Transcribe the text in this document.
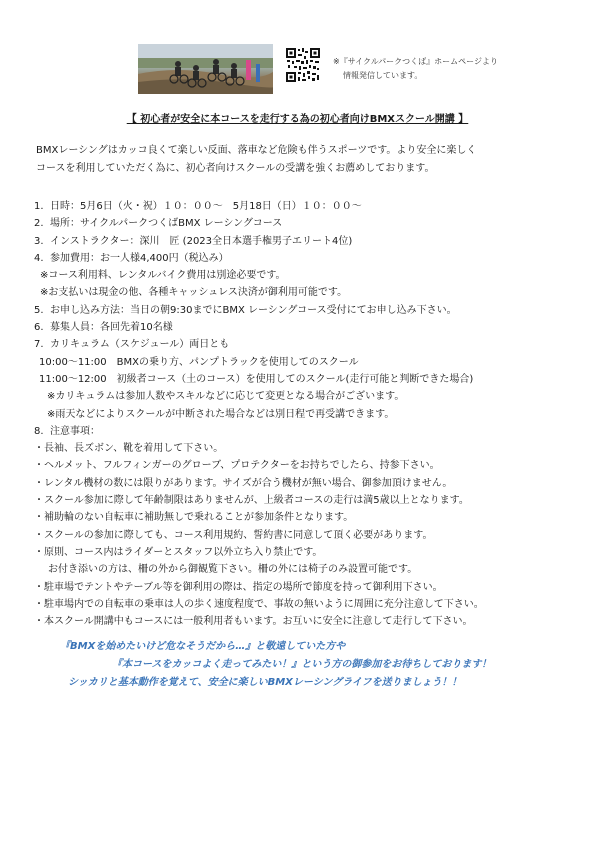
※『サイクルパークつくば』ホームページより
情報発信しています。
【 初心者が安全に本コースを走行する為の初心者向けBMXスクール開講 】

BMXレーシングはカッコ良くて楽しい反面、落車など危険も伴うスポーツです。より安全に楽しく

コースを利用していただく為に、初心者向けスクールの受講を強くお薦めしております。

1. 日時：5月6日（火・祝）１０：００～　5月18日（日）１０：００～
2. 場所：サイクルパークつくばBMX レーシングコース
3. インストラクター：深川　匠 (2023全日本選手権男子エリート4位)
4. 参加費用：お一人様4,400円（税込み）
※コース利用料、レンタルバイク費用は別途必要です。
※お支払いは現金の他、各種キャッシュレス決済が御利用可能です。
5. お申し込み方法：当日の朝9:30までにBMX レーシングコース受付にてお申し込み下さい。
6. 募集人員：各回先着10名様
7. カリキュラム（スケジュール）両日とも
10:00～11:00 BMXの乗り方、パンプトラックを使用してのスクール
11:00～12:00 初級者コース（土のコース）を使用してのスクール(走行可能と判断できた場合)
※カリキュラムは参加人数やスキルなどに応じて変更となる場合がございます。
※雨天などによりスクールが中断された場合などは別日程で再受講できます。
8. 注意事項：
・長袖、長ズボン、靴を着用して下さい。
・ヘルメット、フルフィンガーのグローブ、プロテクターをお持ちでしたら、持参下さい。
・レンタル機材の数には限りがあります。サイズが合う機材が無い場合、御参加頂けません。
・スクール参加に際して年齢制限はありませんが、上級者コースの走行は満5歳以上となります。
・補助輪のない自転車に補助無しで乗れることが参加条件となります。
・スクールの参加に際しても、コース利用規約、誓約書に同意して頂く必要があります。
・原則、コース内はライダーとスタッフ以外立ち入り禁止です。
お付き添いの方は、柵の外から御観覧下さい。柵の外には椅子のみ設置可能です。
・駐車場でテントやテーブル等を御利用の際は、指定の場所で節度を持って御利用下さい。
・駐車場内での自転車の乗車は人の歩く速度程度で、事故の無いように周囲に充分注意して下さい。
・本スクール開講中もコースには一般利用者もいます。お互いに安全に注意して走行して下さい。
『BMXを始めたいけど危なそうだから…』と敬遠していた方や
『本コースをカッコよく走ってみたい！』という方の御参加をお待ちしております！
シッカリと基本動作を覚えて、安全に楽しいBMXレーシングライフを送りましょう！！
